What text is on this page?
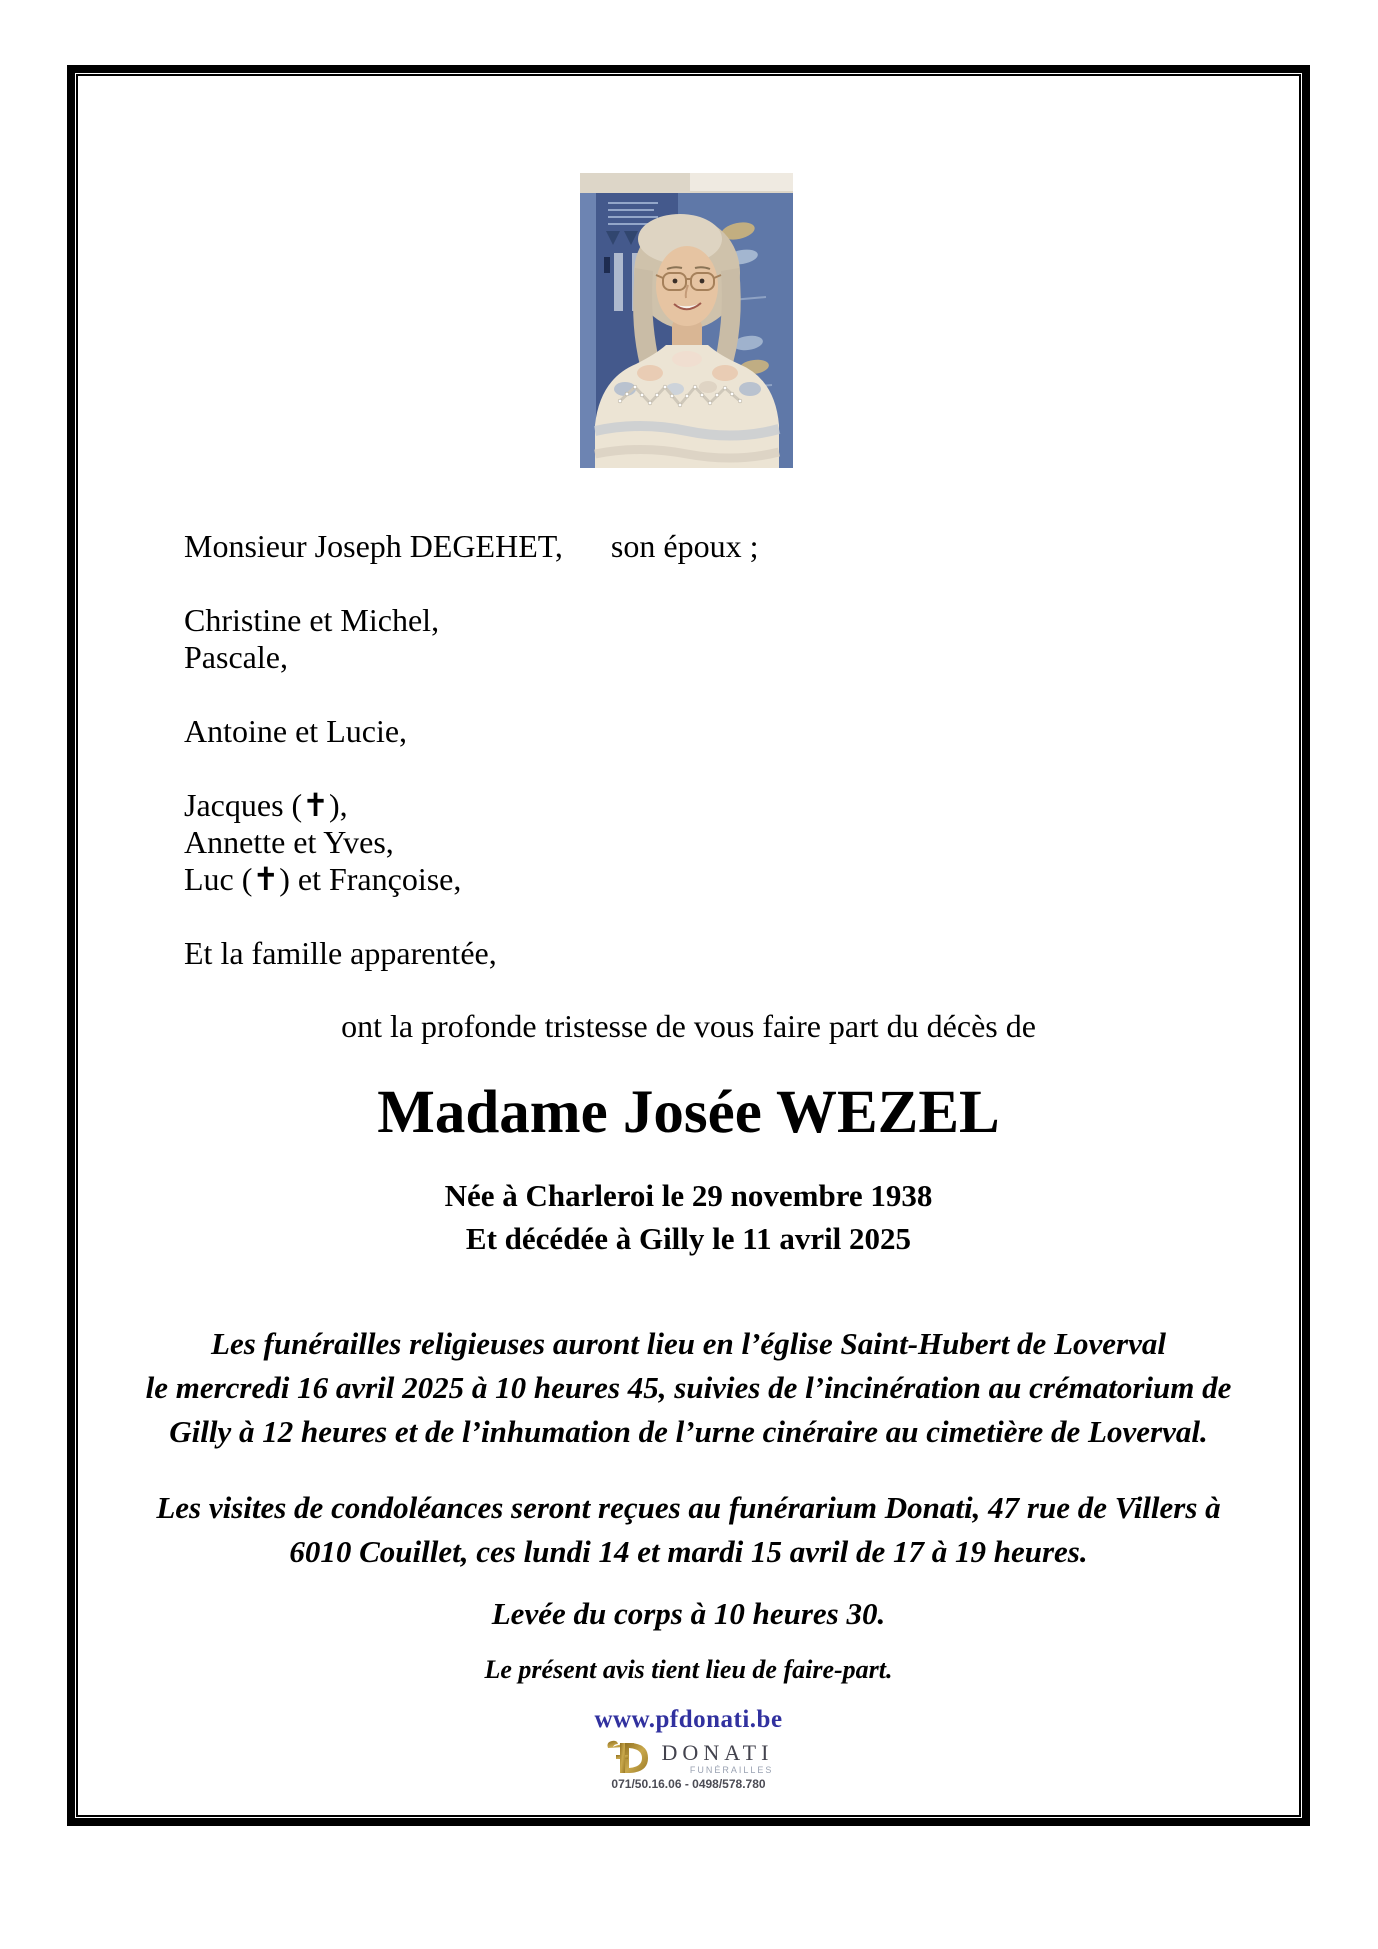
Monsieur Joseph DEGEHET, son époux ;

Christine et Michel,

Pascale,

Antoine et Lucie,

Jacques (✝),

Annette et Yves,

Luc (✝) et Françoise,

Et la famille apparentée,

ont la profonde tristesse de vous faire part du décès de
Madame Josée WEZEL

Née à Charleroi le 29 novembre 1938

Et décédée à Gilly le 11 avril 2025

Les funérailles religieuses auront lieu en l’église Saint-Hubert de Loverval
le mercredi 16 avril 2025 à 10 heures 45, suivies de l’incinération au crématorium de
Gilly à 12 heures et de l’inhumation de l’urne cinéraire au cimetière de Loverval.
Les visites de condoléances seront reçues au funérarium Donati, 47 rue de Villers à
6010 Couillet, ces lundi 14 et mardi 15 avril de 17 à 19 heures.
Levée du corps à 10 heures 30.
Le présent avis tient lieu de faire-part.
www.pfdonati.be
DONATI
FUNÉRAILLES
071/50.16.06 - 0498/578.780
